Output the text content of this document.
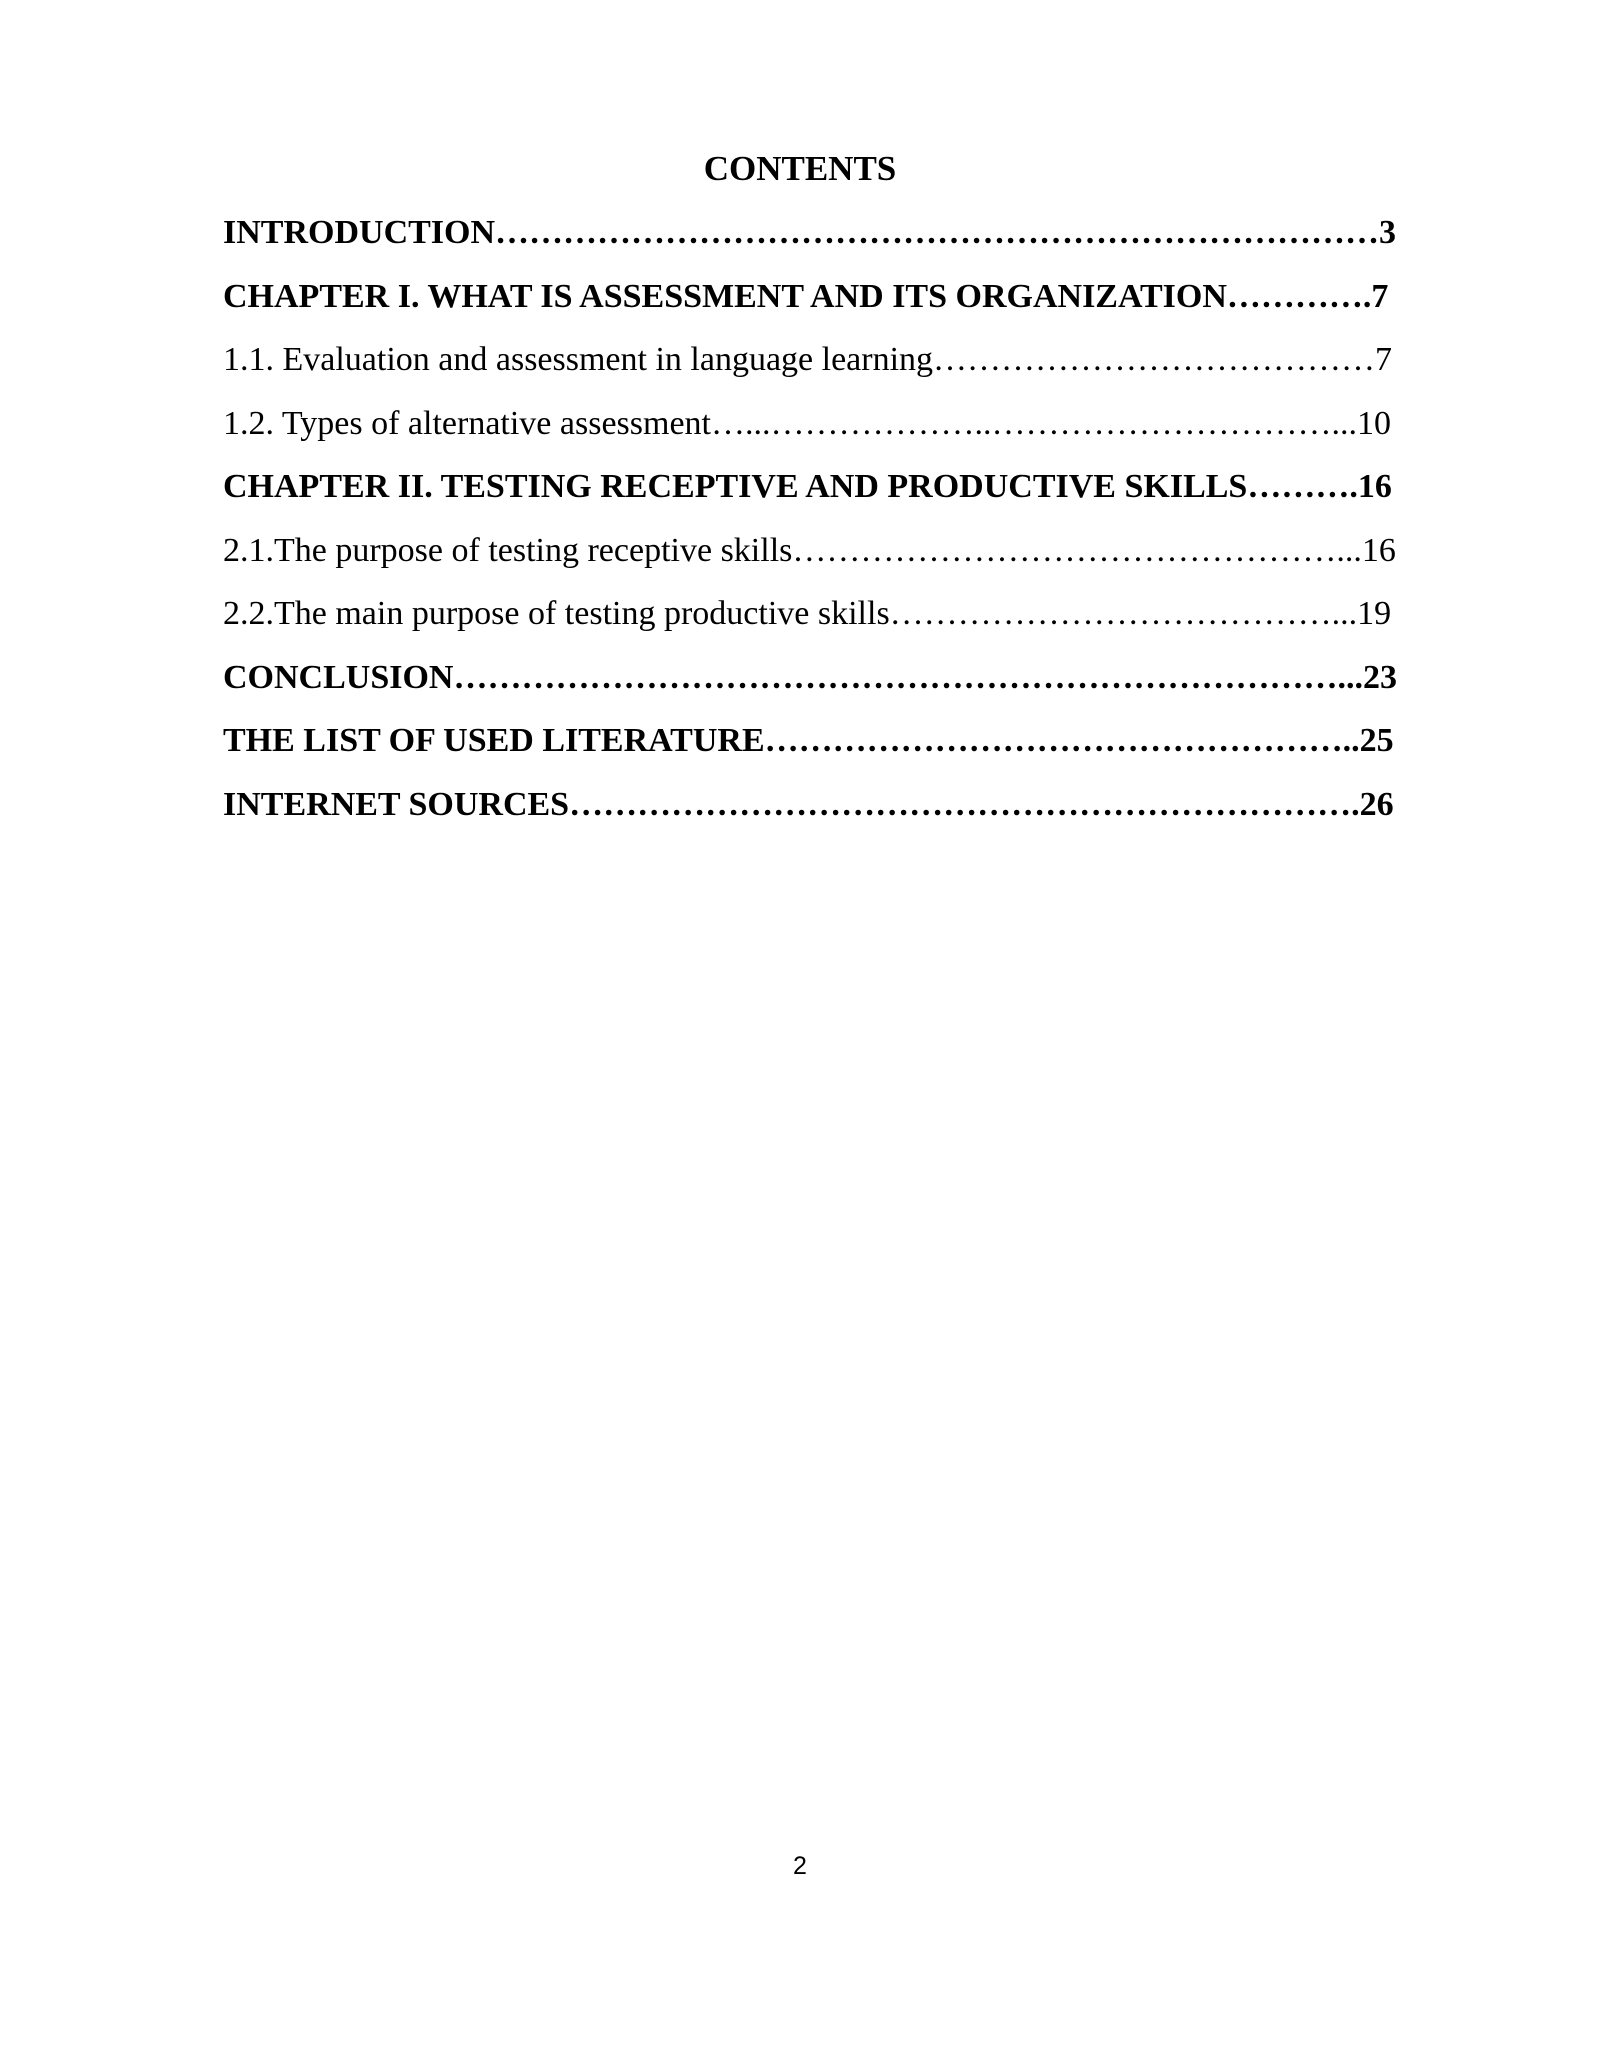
CONTENTS
INTRODUCTION……………………………………………………………………3
CHAPTER I. WHAT IS ASSESSMENT AND ITS ORGANIZATION………….7
1.1. Evaluation and assessment in language learning…………………………………7
1.2. Types of alternative assessment…...………………..…………………………...10
CHAPTER II. TESTING RECEPTIVE AND PRODUCTIVE SKILLS……….16
2.1.The purpose of testing receptive skills…………………………………………...16
2.2.The main purpose of testing productive skills…………………………………...19
CONCLUSION……………………………………………………………………...23
THE LIST OF USED LITERATURE……………………………………………..25
INTERNET SOURCES…………………………………………………………….26
2
